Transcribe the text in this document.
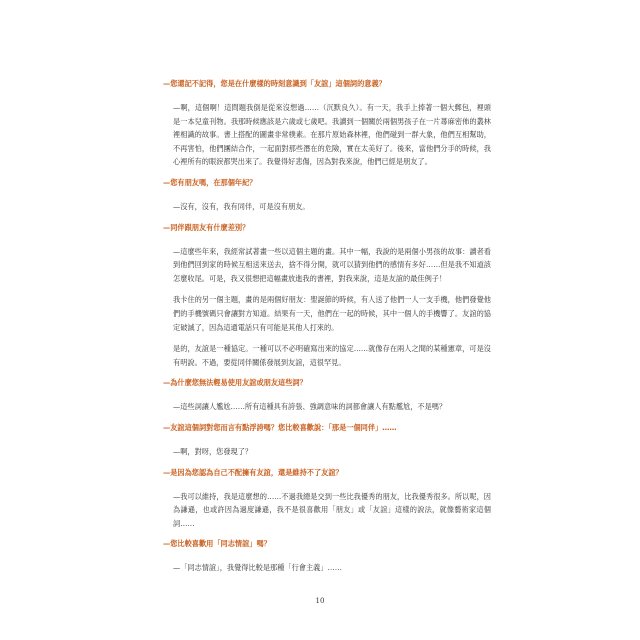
—您還記不記得，您是在什麼樣的時刻意識到「友誼」這個詞的意義？

—啊，這個啊！這問題我倒是從來沒想過……（沉默良久）。有一天，我手上捧著一個大郵包，裡頭是一本兒童刊物。我那時候應該是六歲或七歲吧。我讀到一個關於兩個男孩子在一片蕁麻密佈的叢林裡相識的故事。書上搭配的圖畫非常樸素。在那片原始森林裡，他們碰到一群大象，他們互相幫助，不再害怕，他們團結合作，一起面對那些潛在的危險，實在太美好了。後來，當他們分手的時候，我心裡所有的眼淚都哭出來了。我覺得好悲傷，因為對我來說，他們已經是朋友了。

—您有朋友嗎，在那個年紀？

—沒有，沒有，我有同伴，可是沒有朋友。

—同伴跟朋友有什麼差別？

—這麼些年來，我經常試著畫一些以這個主題的畫。其中一幅，我說的是兩個小男孩的故事：讀者看到他們回到家的時候互相送來送去，捨不得分開，就可以猜到他們的感情有多好……但是我不知道該怎麼收尾。可是，我又很想把這幅畫放進我的書裡，對我來說，這是友誼的最佳例子！

我卡住的另一個主題，畫的是兩個好朋友：聖誕節的時候，有人送了他們一人一支手機，他們發覺他們的手機號碼只會讓對方知道。結果有一天，他們在一起的時候，其中一個人的手機響了。友誼的協定破滅了，因為這通電話只有可能是其他人打來的。

是的，友誼是一種協定。一種可以不必明確寫出來的協定……就像存在兩人之間的某種憲章，可是沒有明說。不過，要從同伴關係發展到友誼，這很罕見。

—為什麼您無法輕易使用友誼或朋友這些詞？

—這些詞讓人尷尬……所有這種具有誇張、強調意味的詞都會讓人有點尷尬，不是嗎？

—友誼這個詞對您而言有點浮誇嗎？您比較喜歡說：「那是一個同伴」……

—啊，對呀，您發現了？

—是因為您認為自己不配擁有友誼，還是維持不了友誼？

—我可以維持，我是這麼想的……不過我總是交到一些比我優秀的朋友，比我優秀很多。所以呢，因為謙遜，也或許因為過度謙遜，我不是很喜歡用「朋友」或「友誼」這樣的說法，就像藝術家這個詞……

—您比較喜歡用「同志情誼」嗎？

—「同志情誼」，我覺得比較是那種「行會主義」……

10
